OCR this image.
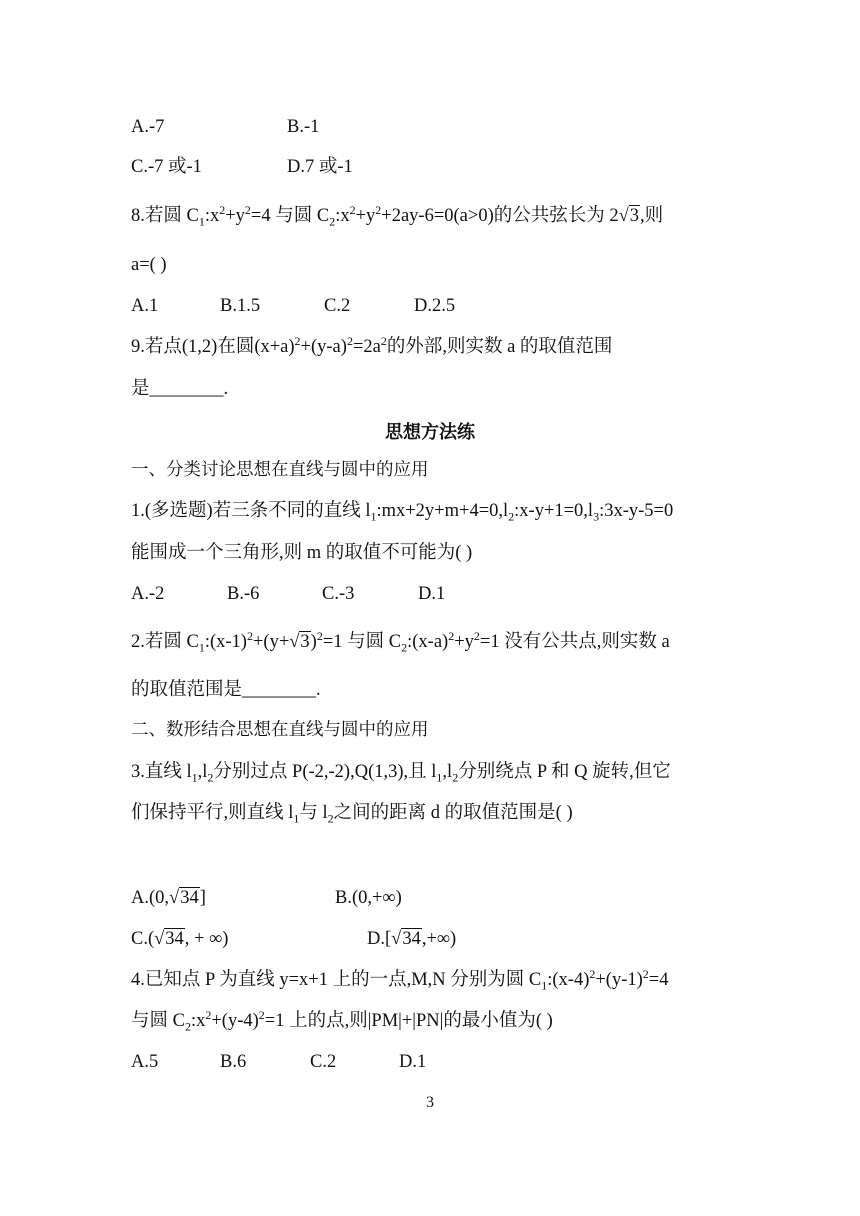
A.-7	B.-1
C.-7 或-1	D.7 或-1
8.若圆 $C_1:x^2+y^2=4$ 与圆 $C_2:x^2+y^2+2ay-6=0(a>0)$的公共弦长为 2√3,则
a=( )
A.1	B.1.5	C.2	D.2.5
9.若点(1,2)在圆$(x+a)^2+(y-a)^2=2a^2$的外部,则实数 a 的取值范围
是________.
思想方法练
一、分类讨论思想在直线与圆中的应用
1.(多选题)若三条不同的直线 $l_1:mx+2y+m+4=0,l_2:x-y+1=0,l_3:3x-y-5=0$
能围成一个三角形,则 m 的取值不可能为( )
A.-2	B.-6	C.-3	D.1
2.若圆 $C_1:(x-1)^2+(y+√3)^2=1$ 与圆 $C_2:(x-a)^2+y^2=1$ 没有公共点,则实数 a
的取值范围是________.
二、数形结合思想在直线与圆中的应用
3.直线 $l_1,l_2$分别过点 P(-2,-2),Q(1,3),且 $l_1,l_2$分别绕点 P 和 Q 旋转,但它
们保持平行,则直线 $l_1$与 $l_2$之间的距离 d 的取值范围是( )
A.(0,√34]	B.(0,+∞)
C.(√34, + ∞)	D.[√34,+∞)
4.已知点 P 为直线 y=x+1 上的一点,M,N 分别为圆 $C_1:(x-4)^2+(y-1)^2=4$
与圆 $C_2:x^2+(y-4)^2=1$ 上的点,则|PM|+|PN|的最小值为( )
A.5	B.6	C.2	D.1
3
